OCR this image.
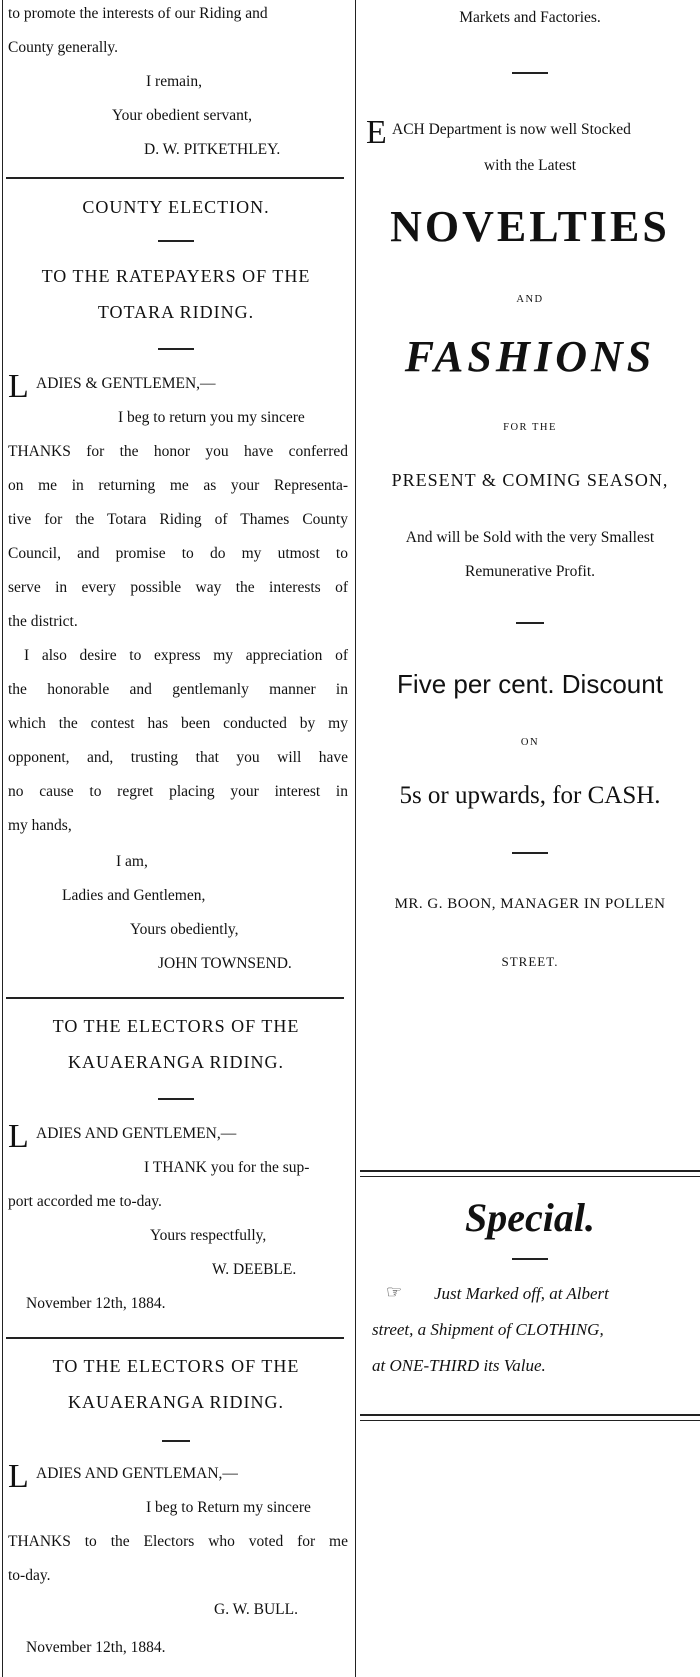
to promote the interests of our Riding and
County generally.
I remain,
Your obedient servant,
D. W. PITKETHLEY.
COUNTY ELECTION.
TO THE RATEPAYERS OF THE
TOTARA RIDING.
L ADIES & GENTLEMEN,—
I beg to return you my sincere
THANKS for the honor you have conferred
on me in returning me as your Representa-
tive for the Totara Riding of Thames County
Council, and promise to do my utmost to
serve in every possible way the interests of
the district.
I also desire to express my appreciation of
the honorable and gentlemanly manner in
which the contest has been conducted by my
opponent, and, trusting that you will have
no cause to regret placing your interest in
my hands,
I am,
Ladies and Gentlemen,
Yours obediently,
JOHN TOWNSEND.
TO THE ELECTORS OF THE
KAUAERANGA RIDING.
L ADIES AND GENTLEMEN,—
I THANK you for the sup-
port accorded me to-day.
Yours respectfully,
W. DEEBLE.
November 12th, 1884.
TO THE ELECTORS OF THE
KAUAERANGA RIDING.
L ADIES AND GENTLEMAN,—
I beg to Return my sincere
THANKS to the Electors who voted for me
to-day.
G. W. BULL.
November 12th, 1884.
Markets and Factories.
E ACH Department is now well Stocked
with the Latest
NOVELTIES
AND
FASHIONS
FOR THE
PRESENT & COMING SEASON,
And will be Sold with the very Smallest
Remunerative Profit.
Five per cent. Discount
ON
5s or upwards, for CASH.
MR. G. BOON, MANAGER IN POLLEN
STREET.
Special.
☞ Just Marked off, at Albert
street, a Shipment of CLOTHING,
at ONE-THIRD its Value.
